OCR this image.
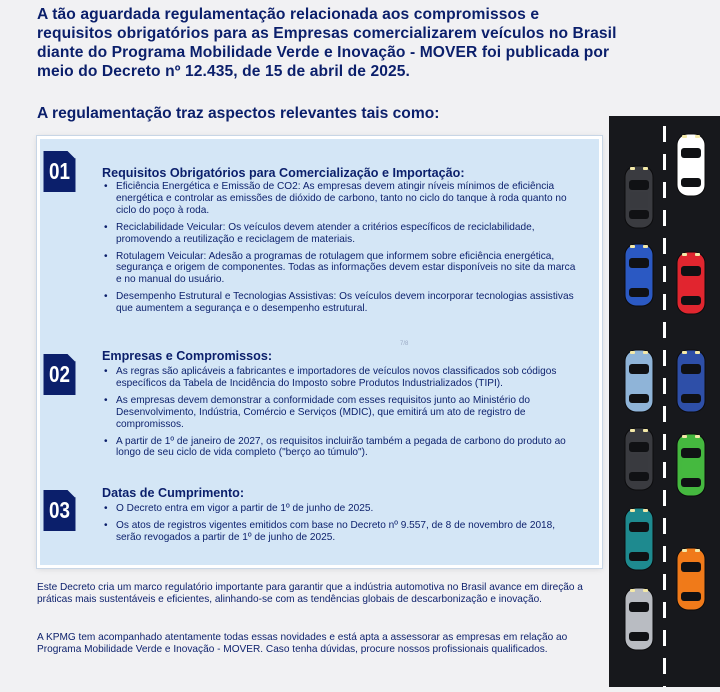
A tão aguardada regulamentação relacionada aos compromissos e requisitos obrigatórios para as Empresas comercializarem veículos no Brasil diante do Programa Mobilidade Verde e Inovação - MOVER foi publicada por meio do Decreto nº 12.435, de 15 de abril de 2025.
A regulamentação traz aspectos relevantes tais como:
01	Requisitos Obrigatórios para Comercialização e Importação:
• Eficiência Energética e Emissão de CO2: As empresas devem atingir níveis mínimos de eficiência energética e controlar as emissões de dióxido de carbono, tanto no ciclo do tanque à roda quanto no ciclo do poço à roda.
• Reciclabilidade Veicular: Os veículos devem atender a critérios específicos de reciclabilidade, promovendo a reutilização e reciclagem de materiais.
• Rotulagem Veicular: Adesão a programas de rotulagem que informem sobre eficiência energética, segurança e origem de componentes. Todas as informações devem estar disponíveis no site da marca e no manual do usuário.
• Desempenho Estrutural e Tecnologias Assistivas: Os veículos devem incorporar tecnologias assistivas que aumentem a segurança e o desempenho estrutural.
02
Empresas e Compromissos:
• As regras são aplicáveis a fabricantes e importadores de veículos novos classificados sob códigos específicos da Tabela de Incidência do Imposto sobre Produtos Industrializados (TIPI).
• As empresas devem demonstrar a conformidade com esses requisitos junto ao Ministério do Desenvolvimento, Indústria, Comércio e Serviços (MDIC), que emitirá um ato de registro de compromissos.
• A partir de 1º de janeiro de 2027, os requisitos incluirão também a pegada de carbono do produto ao longo de seu ciclo de vida completo ("berço ao túmulo").
03
Datas de Cumprimento:
• O Decreto entra em vigor a partir de 1º de junho de 2025.
• Os atos de registros vigentes emitidos com base no Decreto nº 9.557, de 8 de novembro de 2018, serão revogados a partir de 1º de junho de 2025.
7/8
Este Decreto cria um marco regulatório importante para garantir que a indústria automotiva no Brasil avance em direção a práticas mais sustentáveis e eficientes, alinhando-se com as tendências globais de descarbonização e inovação.
A KPMG tem acompanhado atentamente todas essas novidades e está apta a assessorar as empresas em relação ao Programa Mobilidade Verde e Inovação - MOVER. Caso tenha dúvidas, procure nossos profissionais qualificados.
